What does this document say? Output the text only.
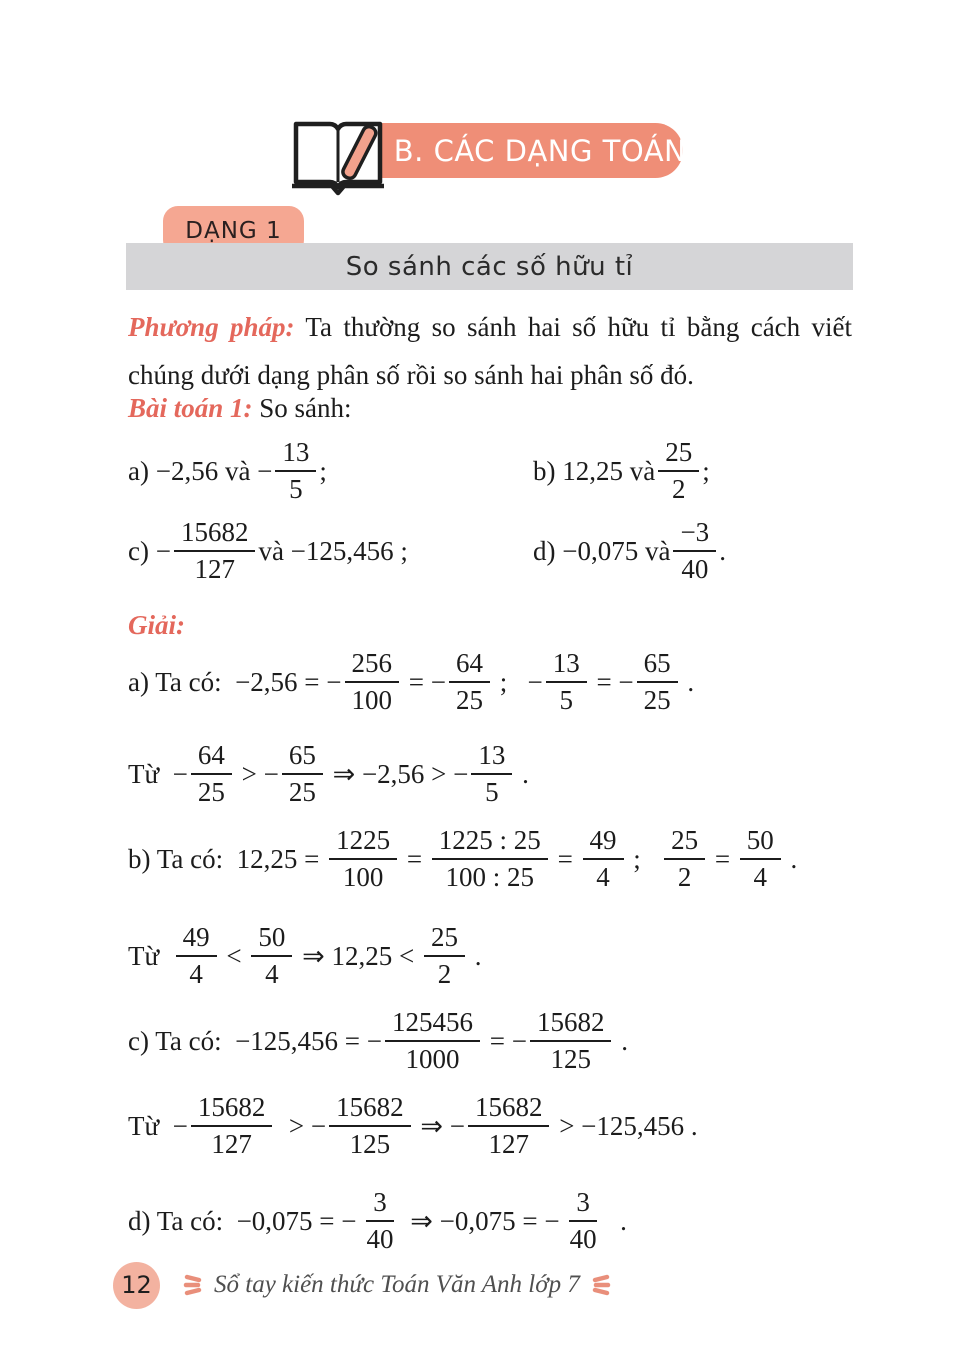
B. CÁC DẠNG TOÁN
DẠNG 1
So sánh các số hữu tỉ

Phương pháp: Ta thường so sánh hai số hữu tỉ bằng cách viết chúng dưới dạng phân số rồi so sánh hai phân số đó.

Bài toán 1: So sánh:

a) −2,56 và − $\frac{13}{5}$ ;	b) 12,25 và $\frac{25}{2}$ ;
$c) - \frac{15682}{127}$ và −125,456 ;	d) −0,075 và $\frac{-3}{40}$ .

Giải:

a) Ta có:  −2,56 = − $\frac{256}{100}$ = − $\frac{64}{25}$ ;   − $\frac{13}{5}$ = − $\frac{65}{25}$ .
Từ  − $\frac{64}{25}$ > − $\frac{65}{25}$ ⇒ −2,56 > − $\frac{13}{5}$ .
b) Ta có:  $12,25 = \frac{1225}{100} = \frac{1225 : 25}{100 : 25} = \frac{49}{4}$ ; $\frac{25}{2} = \frac{50}{4}$ .
Từ $\frac{49}{4} < \frac{50}{4}$ ⇒ $12,25 < \frac{25}{2}$ .
c) Ta có:  −125,456 = − $\frac{125456}{1000}$ = − $\frac{15682}{125}$ .
Từ  − $\frac{15682}{127}$ > − $\frac{15682}{125}$ ⇒ − $\frac{15682}{127} > -125,456$ .
d) Ta có:  −0,075 = − $\frac{3}{40}$ ⇒ −0,075 = − $\frac{3}{40}$ .
12 Sổ tay kiến thức Toán Văn Anh lớp 7
